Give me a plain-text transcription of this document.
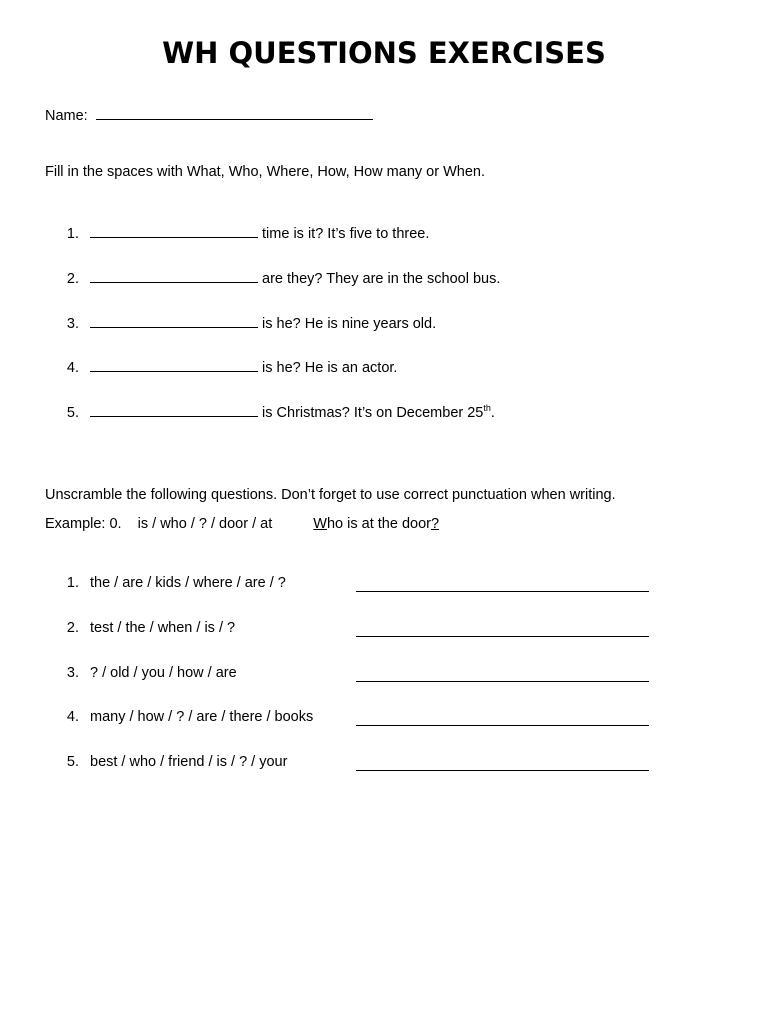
WH QUESTIONS EXERCISES
Name:
Fill in the spaces with What, Who, Where, How, How many or When.
1.	time is it? It’s five to three.
2.	are they? They are in the school bus.
3.	is he? He is nine years old.
4.	is he? He is an actor.
5.	is Christmas? It’s on December 25th.
Unscramble the following questions. Don’t forget to use correct punctuation when writing.
Example: 0. is / who / ? / door / at	Who is at the door?
1. the / are / kids / where / are / ?
2. test / the / when / is / ?
3. ? / old / you / how / are
4. many / how / ? / are / there / books
5. best / who / friend / is / ? / your
